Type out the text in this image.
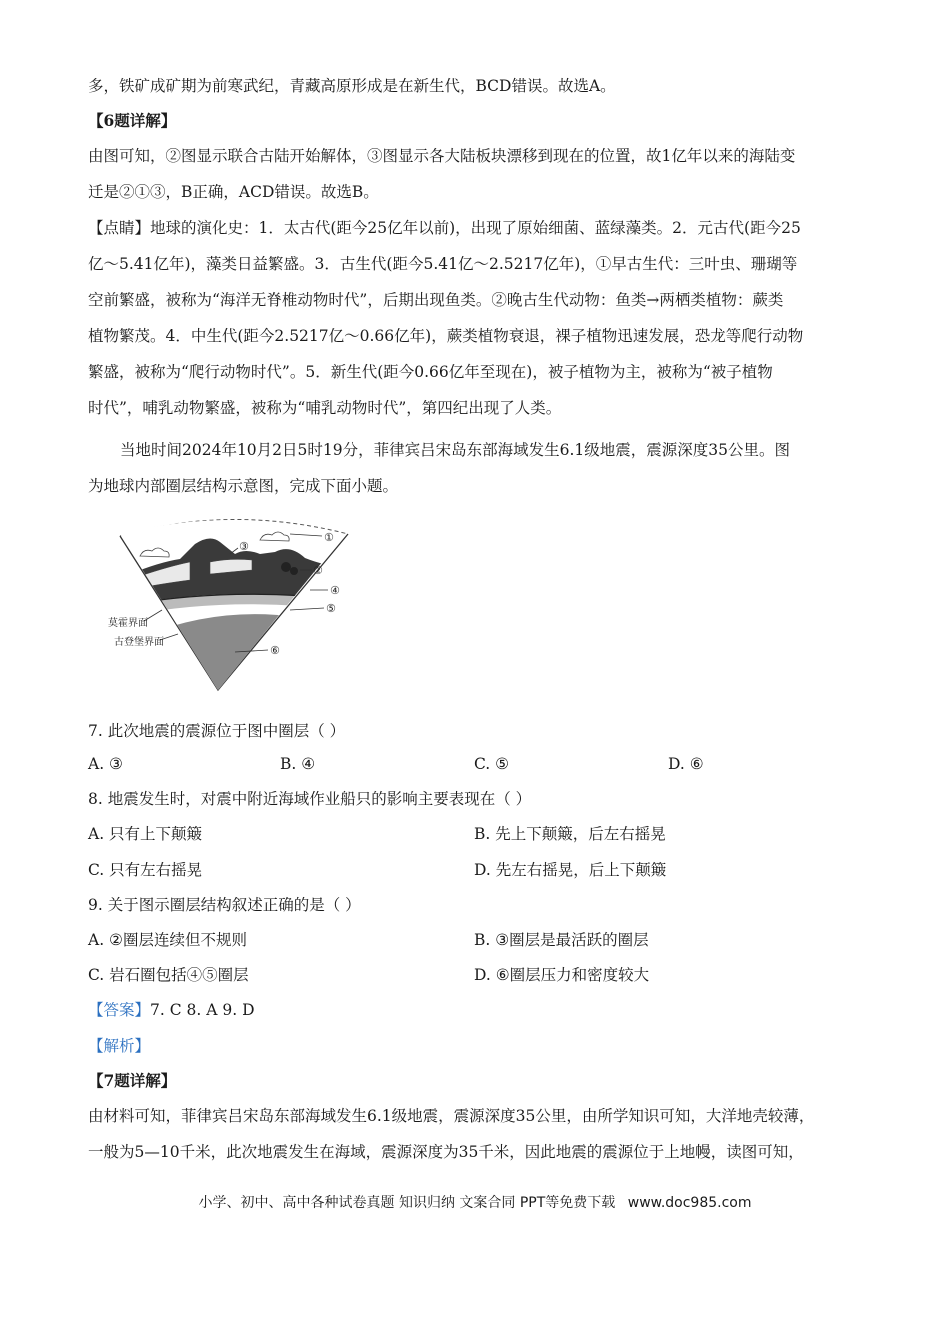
多，铁矿成矿期为前寒武纪，青藏高原形成是在新生代，BCD错误。故选A。
【6题详解】
由图可知，②图显示联合古陆开始解体，③图显示各大陆板块漂移到现在的位置，故1亿年以来的海陆变
迁是②①③，B正确，ACD错误。故选B。
【点睛】地球的演化史：1．太古代(距今25亿年以前)，出现了原始细菌、蓝绿藻类。2．元古代(距今25
亿～5.41亿年)，藻类日益繁盛。3．古生代(距今5.41亿～2.5217亿年)，①早古生代：三叶虫、珊瑚等
空前繁盛，被称为“海洋无脊椎动物时代”，后期出现鱼类。②晚古生代动物：鱼类→两栖类植物：蕨类
植物繁茂。4．中生代(距今2.5217亿～0.66亿年)，蕨类植物衰退，裸子植物迅速发展，恐龙等爬行动物
繁盛，被称为“爬行动物时代”。5．新生代(距今0.66亿年至现在)，被子植物为主，被称为“被子植物
时代”，哺乳动物繁盛，被称为“哺乳动物时代”，第四纪出现了人类。
当地时间2024年10月2日5时19分，菲律宾吕宋岛东部海域发生6.1级地震，震源深度35公里。图
为地球内部圈层结构示意图，完成下面小题。
①
②
③
④
⑤
⑥
莫霍界面
古登堡界面
7. 此次地震的震源位于图中圈层（ ）
A. ③	B. ④	C. ⑤	D. ⑥
8. 地震发生时，对震中附近海域作业船只的影响主要表现在（ ）
A. 只有上下颠簸	B. 先上下颠簸，后左右摇晃
C. 只有左右摇晃	D. 先左右摇晃，后上下颠簸
9. 关于图示圈层结构叙述正确的是（ ）
A. ②圈层连续但不规则	B. ③圈层是最活跃的圈层
C. 岩石圈包括④⑤圈层	D. ⑥圈层压力和密度较大
【答案】7. C 8. A 9. D
【解析】
【7题详解】
由材料可知，菲律宾吕宋岛东部海域发生6.1级地震，震源深度35公里，由所学知识可知，大洋地壳较薄，
一般为5—10千米，此次地震发生在海域，震源深度为35千米，因此地震的震源位于上地幔，读图可知，
小学、初中、高中各种试卷真题 知识归纳 文案合同 PPT等免费下载 www.doc985.com
